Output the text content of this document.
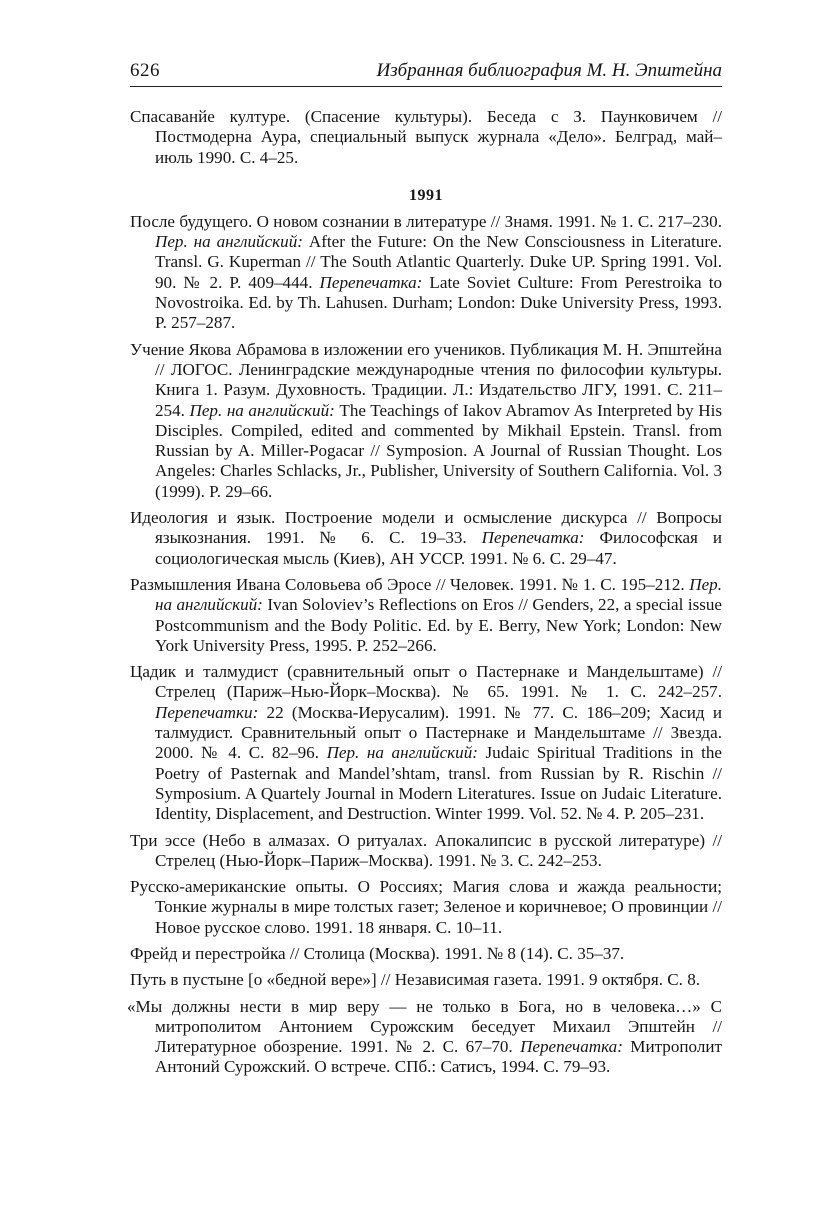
626	Избранная библиография М. Н. Эпштейна

Спасаванйе културе. (Спасение культуры). Беседа с З. Паунковичем // Постмодерна Аура, специальный выпуск журнала «Дело». Белград, май–июль 1990. С. 4–25.

1991

После будущего. О новом сознании в литературе // Знамя. 1991. № 1. С. 217–230. Пер. на английский: After the Future: On the New Consciousness in Literature. Transl. G. Kuperman // The South Atlantic Quarterly. Duke UP. Spring 1991. Vol. 90. № 2. P. 409–444. Перепечатка: Late Soviet Culture: From Perestroika to Novostroika. Ed. by Th. Lahusen. Durham; London: Duke University Press, 1993. P. 257–287.

Учение Якова Абрамова в изложении его учеников. Публикация М. Н. Эпштейна // ЛОГОС. Ленинградские международные чтения по философии культуры. Книга 1. Разум. Духовность. Традиции. Л.: Издательство ЛГУ, 1991. С. 211–254. Пер. на английский: The Teachings of Iakov Abramov As Interpreted by His Disciples. Compiled, edited and commented by Mikhail Epstein. Transl. from Russian by A. Miller-Pogacar // Symposion. A Journal of Russian Thought. Los Angeles: Charles Schlacks, Jr., Publisher, University of Southern California. Vol. 3 (1999). P. 29–66.

Идеология и язык. Построение модели и осмысление дискурса // Вопросы языкознания. 1991. № 6. С. 19–33. Перепечатка: Философская и социологическая мысль (Киев), АН УССР. 1991. № 6. С. 29–47.

Размышления Ивана Соловьева об Эросе // Человек. 1991. № 1. С. 195–212. Пер. на английский: Ivan Soloviev’s Reflections on Eros // Genders, 22, a special issue Postcommunism and the Body Politic. Ed. by E. Berry, New York; London: New York University Press, 1995. P. 252–266.

Цадик и талмудист (сравнительный опыт о Пастернаке и Мандельштаме) // Стрелец (Париж–Нью-Йорк–Москва). № 65. 1991. № 1. С. 242–257. Перепечатки: 22 (Москва-Иерусалим). 1991. № 77. С. 186–209; Хасид и талмудист. Сравнительный опыт о Пастернаке и Мандельштаме // Звезда. 2000. № 4. С. 82–96. Пер. на английский: Judaic Spiritual Traditions in the Poetry of Pasternak and Mandel’shtam, transl. from Russian by R. Rischin // Symposium. A Quartely Journal in Modern Literatures. Issue on Judaic Literature. Identity, Displacement, and Destruction. Winter 1999. Vol. 52. № 4. P. 205–231.

Три эссе (Небо в алмазах. О ритуалах. Апокалипсис в русской литературе) // Стрелец (Нью-Йорк–Париж–Москва). 1991. № 3. С. 242–253.

Русско-американские опыты. О Россиях; Магия слова и жажда реальности; Тонкие журналы в мире толстых газет; Зеленое и коричневое; О провинции // Новое русское слово. 1991. 18 января. С. 10–11.

Фрейд и перестройка // Столица (Москва). 1991. № 8 (14). С. 35–37.

Путь в пустыне [о «бедной вере»] // Независимая газета. 1991. 9 октября. С. 8.

«Мы должны нести в мир веру — не только в Бога, но в человека…» С митрополитом Антонием Сурожским беседует Михаил Эпштейн // Литературное обозрение. 1991. № 2. С. 67–70. Перепечатка: Митрополит Антоний Сурожский. О встрече. СПб.: Сатисъ, 1994. С. 79–93.
